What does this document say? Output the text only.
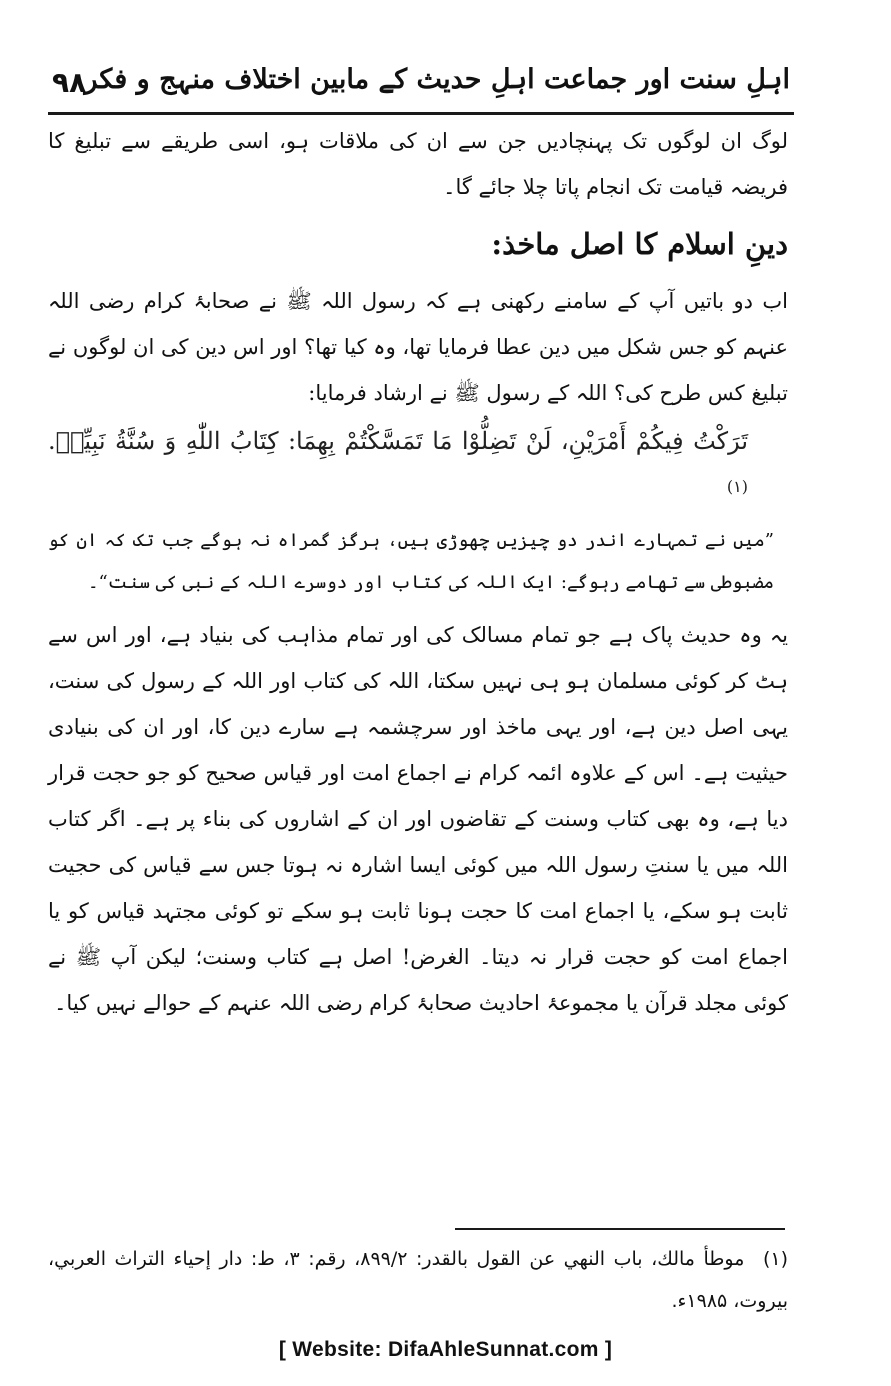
۹۸
اہلِ سنت اور جماعت اہلِ حدیث کے مابین اختلاف منہج و فکر

لوگ ان لوگوں تک پہنچادیں جن سے ان کی ملاقات ہو، اسی طریقے سے تبلیغ کا فریضہ قیامت تک انجام پاتا چلا جائے گا۔

دینِ اسلام کا اصل ماخذ:

اب دو باتیں آپ کے سامنے رکھنی ہے کہ رسول اللہ ﷺ نے صحابۂ کرام رضی اللہ عنہم کو جس شکل میں دین عطا فرمایا تھا، وہ کیا تھا؟ اور اس دین کی ان لوگوں نے تبلیغ کس طرح کی؟ اللہ کے رسول ﷺ نے ارشاد فرمایا:

تَرَكْتُ فِيكُمْ أَمْرَيْنِ، لَنْ تَضِلُّوْا مَا تَمَسَّكْتُمْ بِهِمَا: كِتَابُ اللّٰهِ وَ سُنَّةُ نَبِيِّهٖ. $^{(۱)}$

”میں نے تمہارے اندر دو چیزیں چھوڑی ہیں، ہرگز گمراہ نہ ہوگے جب تک کہ ان کو مضبوطی سے تھامے رہوگے: ایک اللہ کی کتاب اور دوسرے اللہ کے نبی کی سنت“۔

یہ وہ حدیث پاک ہے جو تمام مسالک کی اور تمام مذاہب کی بنیاد ہے، اور اس سے ہٹ کر کوئی مسلمان ہو ہی نہیں سکتا، اللہ کی کتاب اور اللہ کے رسول کی سنت، یہی اصل دین ہے، اور یہی ماخذ اور سرچشمہ ہے سارے دین کا، اور ان کی بنیادی حیثیت ہے۔ اس کے علاوہ ائمہ کرام نے اجماع امت اور قیاس صحیح کو جو حجت قرار دیا ہے، وہ بھی کتاب وسنت کے تقاضوں اور ان کے اشاروں کی بناء پر ہے۔ اگر کتاب اللہ میں یا سنتِ رسول اللہ میں کوئی ایسا اشارہ نہ ہوتا جس سے قیاس کی حجیت ثابت ہو سکے، یا اجماع امت کا حجت ہونا ثابت ہو سکے تو کوئی مجتہد قیاس کو یا اجماع امت کو حجت قرار نہ دیتا۔ الغرض! اصل ہے کتاب وسنت؛ لیکن آپ ﷺ نے کوئی مجلد قرآن یا مجموعۂ احادیث صحابۂ کرام رضی اللہ عنہم کے حوالے نہیں کیا۔

(۱) موطأ مالك، باب النهي عن القول بالقدر: ۸۹۹/۲، رقم: ۳، ط: دار إحياء التراث العربي، بيروت، ۱۹۸۵ء.
[ Website: DifaAhleSunnat.com ]
